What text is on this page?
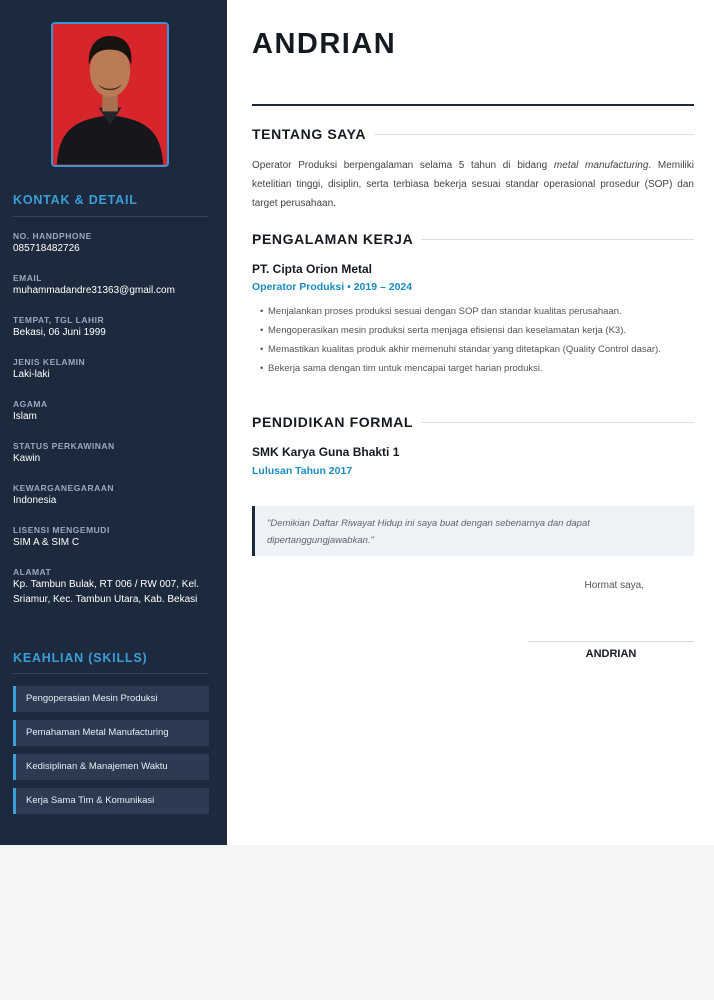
KONTAK & DETAIL
NO. HANDPHONE
085718482726
EMAIL
muhammadandre31363@gmail.com
TEMPAT, TGL LAHIR
Bekasi, 06 Juni 1999
JENIS KELAMIN
Laki-laki
AGAMA
Islam
STATUS PERKAWINAN
Kawin
KEWARGANEGARAAN
Indonesia
LISENSI MENGEMUDI
SIM A & SIM C
ALAMAT
Kp. Tambun Bulak, RT 006 / RW 007, Kel. Sriamur, Kec. Tambun Utara, Kab. Bekasi
KEAHLIAN (SKILLS)
Pengoperasian Mesin Produksi
Pemahaman Metal Manufacturing
Kedisiplinan & Manajemen Waktu
Kerja Sama Tim & Komunikasi
ANDRIAN
TENTANG SAYA

Operator Produksi berpengalaman selama 5 tahun di bidang metal manufacturing. Memiliki ketelitian tinggi, disiplin, serta terbiasa bekerja sesuai standar operasional prosedur (SOP) dan target perusahaan.

PENGALAMAN KERJA
PT. Cipta Orion Metal
Operator Produksi • 2019 – 2024
• Menjalankan proses produksi sesuai dengan SOP dan standar kualitas perusahaan.
• Mengoperasikan mesin produksi serta menjaga efisiensi dan keselamatan kerja (K3).
• Memastikan kualitas produk akhir memenuhi standar yang ditetapkan (Quality Control dasar).
• Bekerja sama dengan tim untuk mencapai target harian produksi.
PENDIDIKAN FORMAL
SMK Karya Guna Bhakti 1
Lulusan Tahun 2017
"Demikian Daftar Riwayat Hidup ini saya buat dengan sebenarnya dan dapat dipertanggungjawabkan."
Hormat saya,
ANDRIAN
